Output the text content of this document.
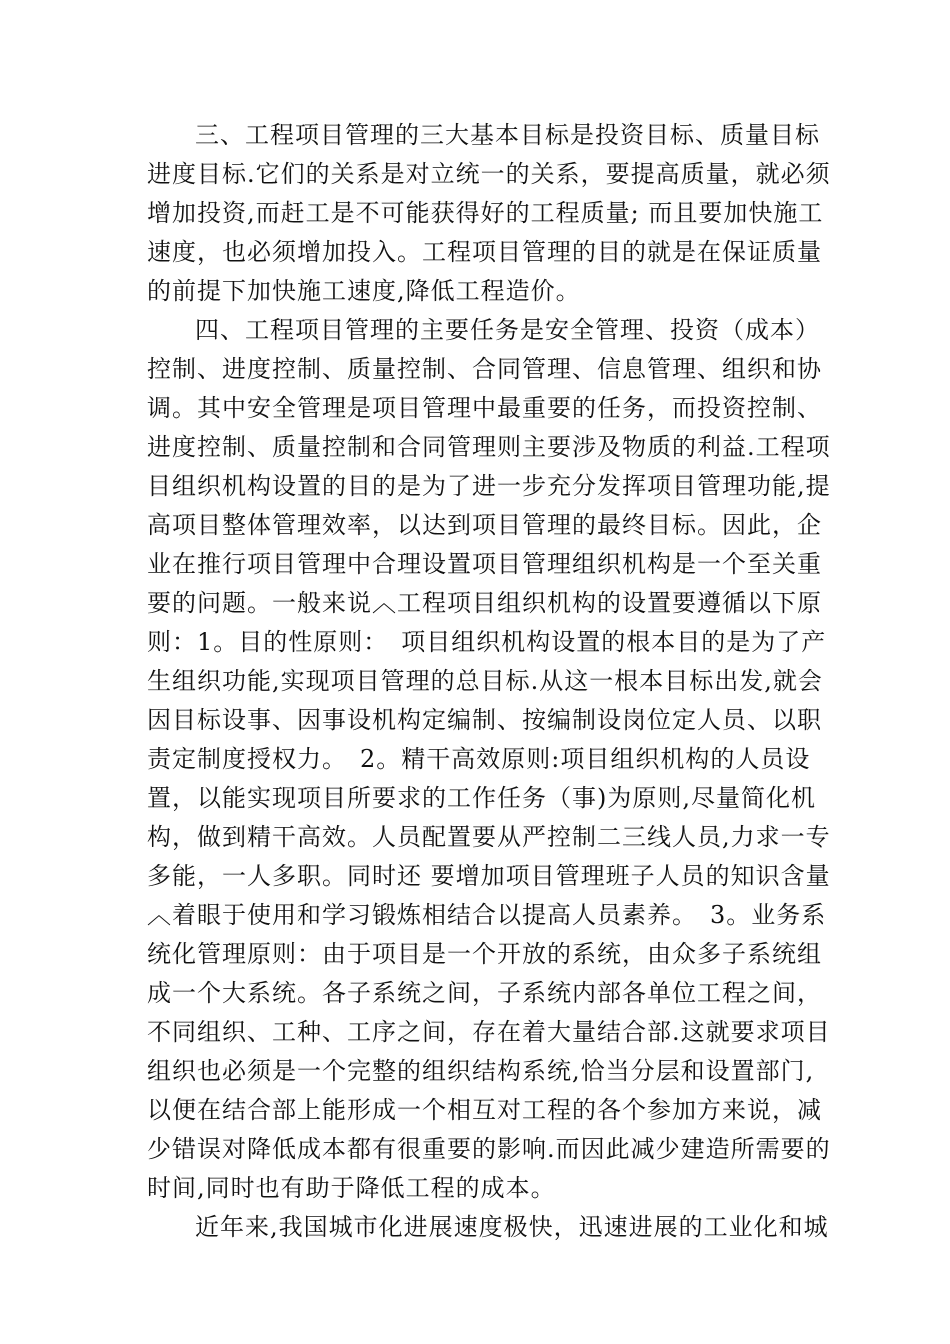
三、工程项目管理的三大基本目标是投资目标、质量目标
进度目标.它们的关系是对立统一的关系，要提高质量，就必须
增加投资,而赶工是不可能获得好的工程质量; 而且要加快施工
速度，也必须增加投入。工程项目管理的目的就是在保证质量
的前提下加快施工速度,降低工程造价。
四、工程项目管理的主要任务是安全管理、投资（成本）
控制、进度控制、质量控制、合同管理、信息管理、组织和协
调。其中安全管理是项目管理中最重要的任务，而投资控制、
进度控制、质量控制和合同管理则主要涉及物质的利益.工程项
目组织机构设置的目的是为了进一步充分发挥项目管理功能,提
高项目整体管理效率，以达到项目管理的最终目标。因此，企
业在推行项目管理中合理设置项目管理组织机构是一个至关重
要的问题。一般来说︿工程项目组织机构的设置要遵循以下原
则：1。目的性原则：　项目组织机构设置的根本目的是为了产
生组织功能,实现项目管理的总目标.从这一根本目标出发,就会
因目标设事、因事设机构定编制、按编制设岗位定人员、以职
责定制度授权力。　2。精干高效原则:项目组织机构的人员设
置，以能实现项目所要求的工作任务（事)为原则,尽量简化机
构，做到精干高效。人员配置要从严控制二三线人员,力求一专
多能，一人多职。同时还 要增加项目管理班子人员的知识含量
︿着眼于使用和学习锻炼相结合以提高人员素养。　3。业务系
统化管理原则：由于项目是一个开放的系统，由众多子系统组
成一个大系统。各子系统之间，子系统内部各单位工程之间，
不同组织、工种、工序之间，存在着大量结合部.这就要求项目
组织也必须是一个完整的组织结构系统,恰当分层和设置部门,
以便在结合部上能形成一个相互对工程的各个参加方来说，减
少错误对降低成本都有很重要的影响.而因此减少建造所需要的
时间,同时也有助于降低工程的成本。
近年来,我国城市化进展速度极快，迅速进展的工业化和城
